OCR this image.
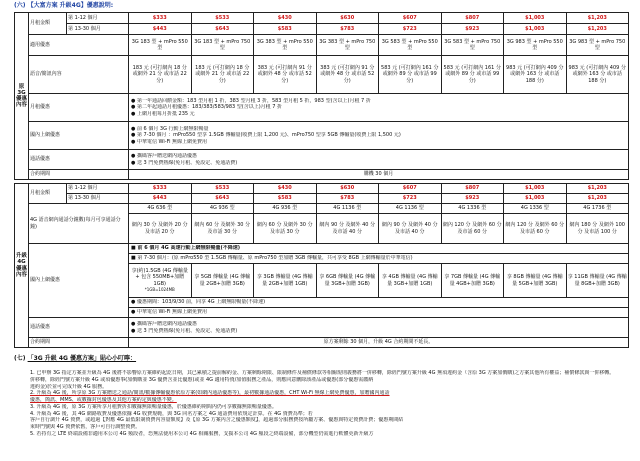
(六) 【大富方案 升級4G】優惠說明:
原3G優惠內容	月租金額	第 1-12 個月	$333	$533	$430	$630	$607	$807	$1,003	$1,203
		第 13-30 個月	$443	$643	$583	$783	$723	$923	$1,003	$1,203
	適用優惠		3G 183 型 + mPro 550 型	3G 183 型 + mPro 750 型	3G 383 型 + mPro 550 型	3G 383 型 + mPro 750 型	3G 583 型 + mPro 550 型	3G 583 型 + mPro 750 型	3G 983 型 + mPro 550 型	3G 983 型 + mPro 750 型
	語音/簡訊內容		183 元 (可打網內 18 分 或網外 21 分 或市話 22 分)	183 元 (可打網內 18 分 或網外 21 分 或市話 22 分)	383 元 (可打網內 91 分 或網外 48 分 或市話 52 分)	383 元 (可打網內 91 分 或網外 48 分 或市話 52 分)	583 元 (可打網內 161 分 或網外 89 分 或市話 99 分)	583 元 (可打網內 161 分 或網外 89 分 或市話 99 分)	983 元 (可打網內 409 分 或網外 163 分 或市話 188 分)	983 元 (可打網內 409 分 或網外 163 分 或市話 188 分)
	月租優惠		● 第一年通話回饋金額：183 型月租 1 折，383 型月租 3 折，583 型月租 5 折，983 型(含以上)月租 7 折
● 第二年起通話月租優惠：183/383/583/983 型(含以上)月租 7 折
● 上網月租每月折抵 235 元

	國內上網優惠		● 前 6 個月 3G 行動上網無限暢量
● 第 7-30 個月 ：mPro550 型享 1.5GB 傳輸量(收費上限 1,200 元)、mPro750 型享 5GB 傳輸量(收費上限 1,500 元)
● 中華電信 Wi-Fi 無線上網免費用

	通話優惠		● 攜碼客戶贈送網內通話優惠
● 送 3 門免費熱線(免月租、免設定、免通話費)

	合約期間		購機 30 個月							
升級4G優惠內容	月租金額	第 1-12 個月	$333	$533	$430	$630	$607	$807	$1,003	$1,203
		第 13-30 個月	$443	$643	$583	$783	$723	$923	$1,003	$1,203
	4G 語音網內通話分鐘數(每月可享通話分鐘)		4G 636 型	4G 936 型	4G 936 型	4G 1136 型	4G 1136 型	4G 1336 型	4G 1336 型	4G 1736 型
			網內 30 分 及網外 20 分 及市話 20 分	網內 60 分 及網外 30 分 及市話 30 分	網內 60 分 及網外 30 分 及市話 30 分	網內 90 分 及網外 40 分 及市話 40 分	網內 90 分 及網外 40 分 及市話 40 分	網內 120 分 及網外 60 分 及市話 60 分	網內 120 分 及網外 60 分 及市話 60 分	網內 180 分 及網外 100 分 及市話 100 分
	國內上網優惠		■ 前 6 個月 4G 高速行動上網無限暢量(不降速)

			■ 第 7-30 個月：(原 mPro550 型 1.5GB 傳輸量、原 mPro750 型加贈 3GB 傳輸量，共可享受 8GB 上網傳輸量於中華電信)

			享(約)1.5GB (4G 傳輸量 + 包含 550MB+加贈 1GB)
*1GB=1024MB	享 5GB 傳輸量 (4G 傳輸量 2GB+加贈 3GB)	享 3GB 傳輸量 (4G 傳輸量 2GB+加贈 1GB)	享 6GB 傳輸量 (4G 傳輸量 3GB+加贈 3GB)	享 4GB 傳輸量 (4G 傳輸量 3GB+加贈 1GB)	享 7GB 傳輸量 (4G 傳輸量 4GB+加贈 3GB)	享 8GB 傳輸量 (4G 傳輸量 5GB+加贈 3GB)	享 11GB 傳輸量 (4G 傳輸量 8GB+加贈 3GB)

			● 優惠期間：103/9/30 前，同享 4G 上網無限暢量(不降速)

			● 中華電信 Wi-Fi 無線上網免費用

	通話優惠		● 攜碼客戶贈送網內通話優惠
● 送 3 門免費熱線(免月租、免設定、免通話費)

	合約期間		原方案剩餘 30 個月，升級 4G 合約期間不延長。							
(七) 「3G 升級 4G 優惠方案」貼心小叮嚀：
1. 已申辦 3G 指定方案並升級為 4G 後將不影響原方案維約起訖日期，其已累積之提前解約金、方案剩餘期限、限制條件及補償條款等相關規則義務將一併移轉，除經門號方案升級 4G 無須違約金（含原 3G 方案加價購)之方案其他所有權益；補償條款與一併移轉。
併移轉，除經門號方案升級 4G 或須優惠事(加價購並 3G 優費含並比優惠)或並 4G 適用特資/加值服務之產品，則應同意刪除該產品或優惠(部分優惠需繳納
違約金)於並可完成升級 4G 服務。
2. 升級為 4G 後，所享原 3G 方案贈送之通話/簡訊/數據傳輸優惠依原方案(如網內通話優惠等)，最初數據通話優惠，CHT Wi-Fi 無線上網免費優惠，加贈國內通話
優惠，簡訊、MMS、或數據封包優惠及其他方案約定與優惠不變。
3. 升級為 4G 後，原 3G 方案所享月租費折扣數據無限暢量優惠，於優惠維約期間內仍可享數據無限暢量優惠。
4. 升級為 4G 後，其 4G 網路收費及優惠依據 4G 收費規範，與 3G 同名方案之 4G 通話費用依規定計算。在 4G 資費為準；若
客戶自行調升 4G 資費，或超過【對應 4G 最低限制資費內容量額度】及【原 3G 方案內含之優惠額度】，超過部分服務費按所屬方案、優惠與特定資費計費；優惠期間結
束時門號與 4G 資費依舊，客戶可自行調整資費。
5. 若持有之 LTE 終端設備非適用本公司 4G 頻段者，恐無法使用本公司 4G 相關服務，支援本公司 4G 頻段之終端設備，部分機型仍需進行軟體更新升級方
